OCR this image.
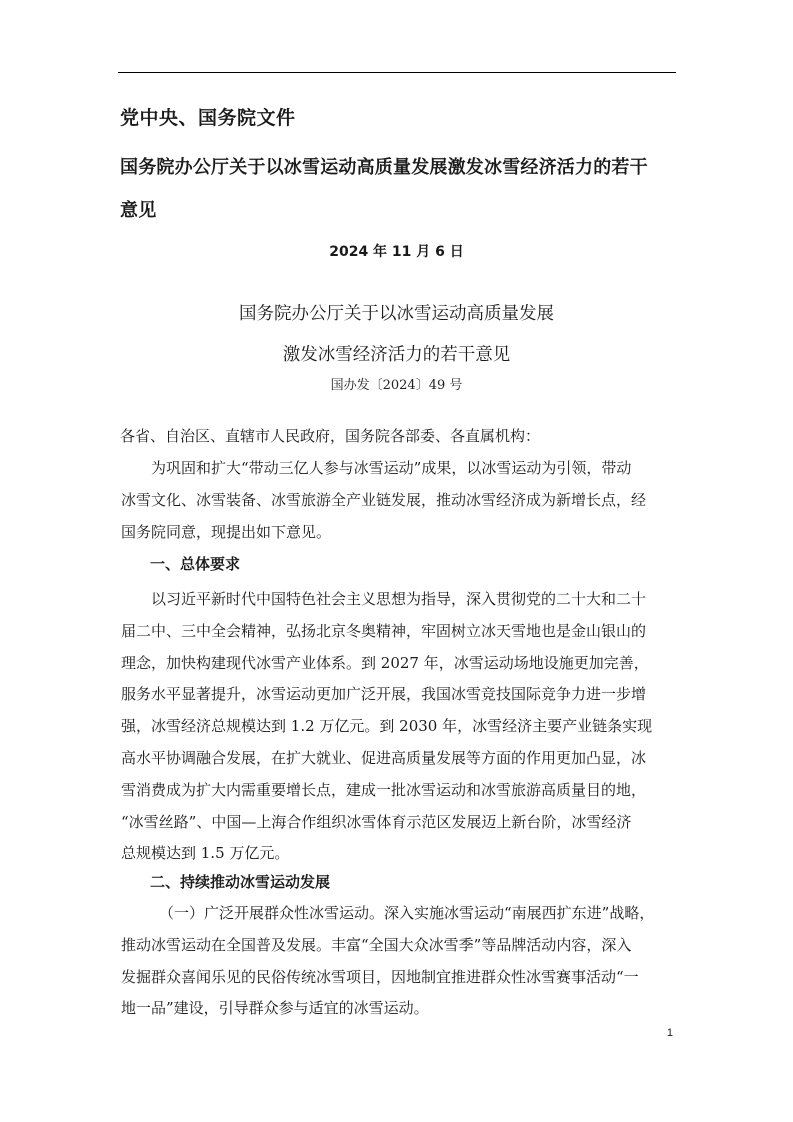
党中央、国务院文件
国务院办公厅关于以冰雪运动高质量发展激发冰雪经济活力的若干
意见
2024 年 11 月 6 日
国务院办公厅关于以冰雪运动高质量发展
激发冰雪经济活力的若干意见
国办发〔2024〕49 号
各省、自治区、直辖市人民政府，国务院各部委、各直属机构：
为巩固和扩大“带动三亿人参与冰雪运动”成果，以冰雪运动为引领，带动
冰雪文化、冰雪装备、冰雪旅游全产业链发展，推动冰雪经济成为新增长点，经
国务院同意，现提出如下意见。
一、总体要求
以习近平新时代中国特色社会主义思想为指导，深入贯彻党的二十大和二十
届二中、三中全会精神，弘扬北京冬奥精神，牢固树立冰天雪地也是金山银山的
理念，加快构建现代冰雪产业体系。到 2027 年，冰雪运动场地设施更加完善，
服务水平显著提升，冰雪运动更加广泛开展，我国冰雪竞技国际竞争力进一步增
强，冰雪经济总规模达到 1.2 万亿元。到 2030 年，冰雪经济主要产业链条实现
高水平协调融合发展，在扩大就业、促进高质量发展等方面的作用更加凸显，冰
雪消费成为扩大内需重要增长点，建成一批冰雪运动和冰雪旅游高质量目的地，
“冰雪丝路”、中国—上海合作组织冰雪体育示范区发展迈上新台阶，冰雪经济
总规模达到 1.5 万亿元。
二、持续推动冰雪运动发展
（一）广泛开展群众性冰雪运动。深入实施冰雪运动“南展西扩东进”战略，
推动冰雪运动在全国普及发展。丰富“全国大众冰雪季”等品牌活动内容，深入
发掘群众喜闻乐见的民俗传统冰雪项目，因地制宜推进群众性冰雪赛事活动“一
地一品”建设，引导群众参与适宜的冰雪运动。
1
